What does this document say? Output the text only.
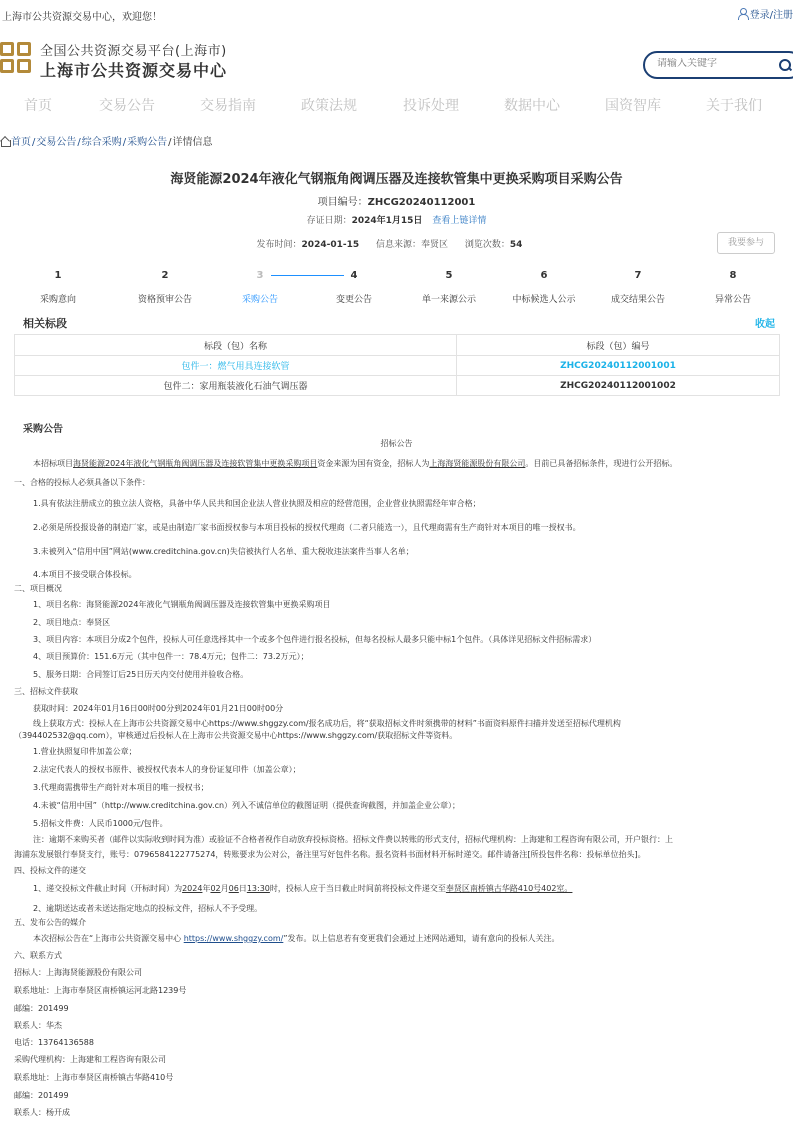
上海市公共资源交易中心，欢迎您！	登录/注册
全国公共资源交易平台(上海市)
上海市公共资源交易中心
请输入关键字
首页	交易公告	交易指南	政策法规	投诉处理	数据中心	国资智库	关于我们
首页/交易公告/综合采购/采购公告/详情信息
海贤能源2024年液化气钢瓶角阀调压器及连接软管集中更换采购项目采购公告
项目编号：ZHCG20240112001
存证日期：2024年1月15日 查看上链详情
发布时间：2024-01-15 信息来源：奉贤区 浏览次数：54	我要参与
1
采购意向
2
资格预审公告
3
采购公告
4
变更公告
5
单一来源公示
6
中标候选人公示
7
成交结果公告
8
异常公告
相关标段	收起
标段（包）名称	标段（包）编号
包件一：燃气用具连接软管	ZHCG20240112001001
包件二：家用瓶装液化石油气调压器	ZHCG20240112001002
采购公告
招标公告
本招标项目海贤能源2024年液化气钢瓶角阀调压器及连接软管集中更换采购项目资金来源为国有资金，招标人为上海海贤能源股份有限公司。目前已具备招标条件，现进行公开招标。
一、合格的投标人必须具备以下条件：
1.具有依法注册成立的独立法人资格，具备中华人民共和国企业法人营业执照及相应的经营范围，企业营业执照需经年审合格；
2.必须是所投报设备的制造厂家，或是由制造厂家书面授权参与本项目投标的授权代理商（二者只能选一），且代理商需有生产商针对本项目的唯一授权书。
3.未被列入“信用中国”网站(www.creditchina.gov.cn)失信被执行人名单、重大税收违法案件当事人名单；
4.本项目不接受联合体投标。
二、项目概况
1、项目名称：海贤能源2024年液化气钢瓶角阀调压器及连接软管集中更换采购项目
2、项目地点：奉贤区
3、项目内容：本项目分成2个包件，投标人可任意选择其中一个或多个包件进行报名投标，但每名投标人最多只能中标1个包件。（具体详见招标文件招标需求）
4、项目预算价：151.6万元（其中包件一：78.4万元；包件二：73.2万元）；
5、服务日期：合同签订后25日历天内交付使用并验收合格。
三、招标文件获取
获取时间：2024年01月16日00时00分到2024年01月21日00时00分
线上获取方式：投标人在上海市公共资源交易中心https://www.shggzy.com/报名成功后，将“获取招标文件时须携带的材料”书面资料原件扫描并发送至招标代理机构
（394402532@qq.com），审核通过后投标人在上海市公共资源交易中心https://www.shggzy.com/获取招标文件等资料。
1.营业执照复印件加盖公章；
2.法定代表人的授权书原件、被授权代表本人的身份证复印件（加盖公章）；
3.代理商需携带生产商针对本项目的唯一授权书；
4.未被“信用中国”（http://www.creditchina.gov.cn）列入不诚信单位的截图证明（提供查询截图，并加盖企业公章）；
5.招标文件费：人民币1000元/包件。
注：逾期不来购买者（邮件以实际收到时间为准）或验证不合格者视作自动放弃投标资格。招标文件费以转账的形式支付，招标代理机构：上海建和工程咨询有限公司，开户银行：上
海浦东发展银行奉贤支行，账号：0796584122775274，转账要求为公对公，备注里写好包件名称。报名资料书面材料开标时递交。邮件请备注[所投包件名称：投标单位抬头]。
四、投标文件的递交
1、递交投标文件截止时间（开标时间）为2024年02月06日13:30时，投标人应于当日截止时间前将投标文件递交至奉贤区南桥镇古华路410号402室。
2、逾期送达或者未送达指定地点的投标文件，招标人不予受理。
五、发布公告的媒介
本次招标公告在“上海市公共资源交易中心 https://www.shggzy.com/”发布。以上信息若有变更我们会通过上述网站通知，请有意向的投标人关注。
六、联系方式
招标人：上海海贤能源股份有限公司
联系地址：上海市奉贤区南桥镇运河北路1239号
邮编：201499
联系人：华杰
电话：13764136588
采购代理机构：上海建和工程咨询有限公司
联系地址：上海市奉贤区南桥镇古华路410号
邮编：201499
联系人：杨开成
